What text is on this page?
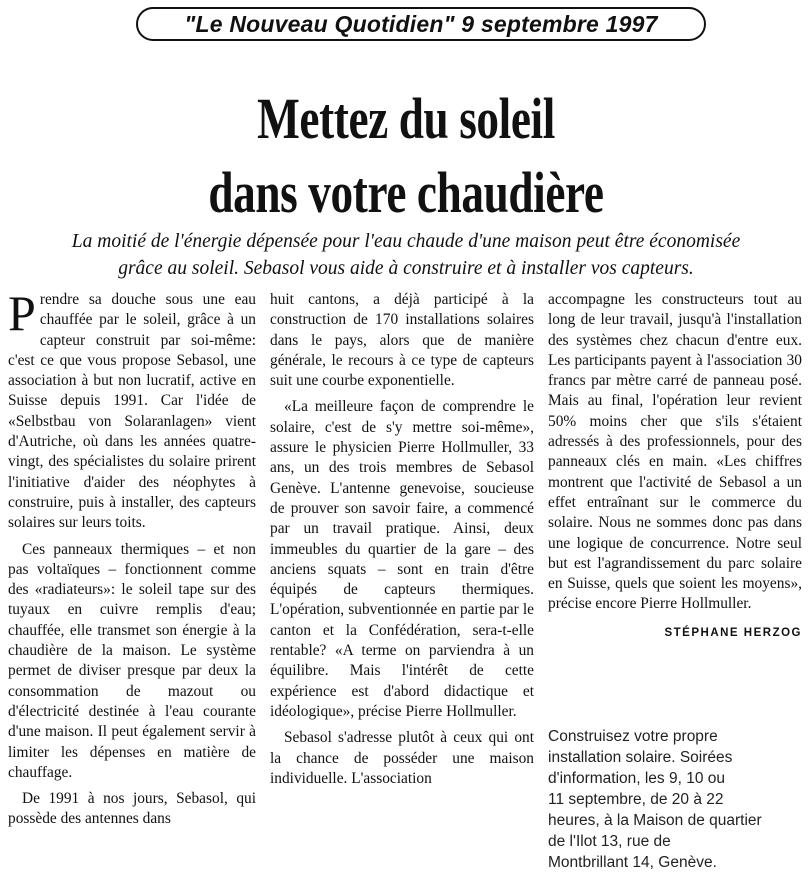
"Le Nouveau Quotidien" 9 septembre 1997
Mettez du soleil
dans votre chaudière

La moitié de l'énergie dépensée pour l'eau chaude d'une maison peut être économisée
grâce au soleil. Sebasol vous aide à construire et à installer vos capteurs.

Prendre sa douche sous une eau chauffée par le soleil, grâce à un capteur construit par soi-même: c'est ce que vous propose Sebasol, une association à but non lucratif, active en Suisse depuis 1991. Car l'idée de «Selbstbau von Solaranlagen» vient d'Autriche, où dans les années quatre-vingt, des spécialistes du solaire prirent l'initiative d'aider des néophytes à construire, puis à installer, des capteurs solaires sur leurs toits.

Ces panneaux thermiques – et non pas voltaïques – fonctionnent comme des «radiateurs»: le soleil tape sur des tuyaux en cuivre remplis d'eau; chauffée, elle transmet son énergie à la chaudière de la maison. Le système permet de diviser presque par deux la consommation de mazout ou d'électricité destinée à l'eau courante d'une maison. Il peut également servir à limiter les dépenses en matière de chauffage.

De 1991 à nos jours, Sebasol, qui possède des antennes dans

huit cantons, a déjà participé à la construction de 170 installations solaires dans le pays, alors que de manière générale, le recours à ce type de capteurs suit une courbe exponentielle.

«La meilleure façon de comprendre le solaire, c'est de s'y mettre soi-même», assure le physicien Pierre Hollmuller, 33 ans, un des trois membres de Sebasol Genève. L'antenne genevoise, soucieuse de prouver son savoir faire, a commencé par un travail pratique. Ainsi, deux immeubles du quartier de la gare – des anciens squats – sont en train d'être équipés de capteurs thermiques. L'opération, subventionnée en partie par le canton et la Confédération, sera-t-elle rentable? «A terme on parviendra à un équilibre. Mais l'intérêt de cette expérience est d'abord didactique et idéologique», précise Pierre Hollmuller.

Sebasol s'adresse plutôt à ceux qui ont la chance de posséder une maison individuelle. L'association

accompagne les constructeurs tout au long de leur travail, jusqu'à l'installation des systèmes chez chacun d'entre eux. Les participants payent à l'association 30 francs par mètre carré de panneau posé. Mais au final, l'opération leur revient 50% moins cher que s'ils s'étaient adressés à des professionnels, pour des panneaux clés en main. «Les chiffres montrent que l'activité de Sebasol a un effet entraînant sur le commerce du solaire. Nous ne sommes donc pas dans une logique de concurrence. Notre seul but est l'agrandissement du parc solaire en Suisse, quels que soient les moyens», précise encore Pierre Hollmuller.

STÉPHANE HERZOG
Construisez votre propre
installation solaire. Soirées
d'information, les 9, 10 ou
11 septembre, de 20 à 22
heures, à la Maison de quartier
de l'Ilot 13, rue de
Montbrillant 14, Genève.
